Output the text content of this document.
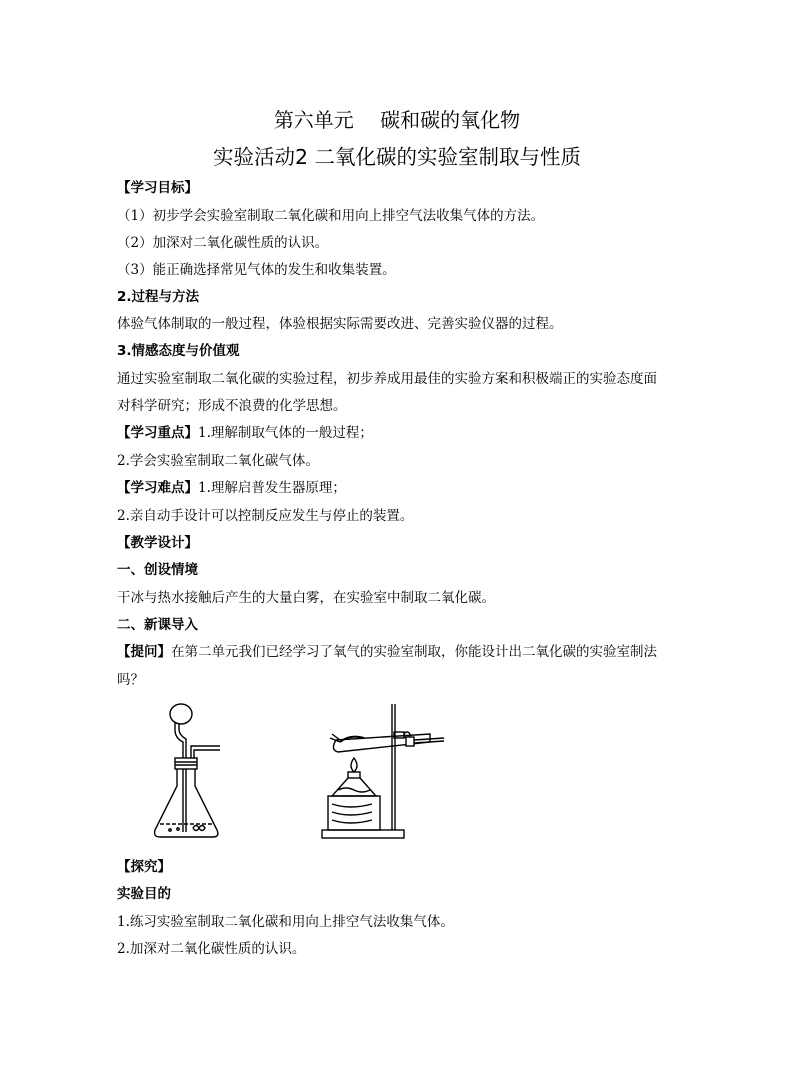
第六单元　 碳和碳的氧化物
实验活动2 二氧化碳的实验室制取与性质
【学习目标】
（1）初步学会实验室制取二氧化碳和用向上排空气法收集气体的方法。
（2）加深对二氧化碳性质的认识。
（3）能正确选择常见气体的发生和收集装置。
2.过程与方法
体验气体制取的一般过程，体验根据实际需要改进、完善实验仪器的过程。
3.情感态度与价值观
通过实验室制取二氧化碳的实验过程，初步养成用最佳的实验方案和积极端正的实验态度面
对科学研究；形成不浪费的化学思想。
【学习重点】1.理解制取气体的一般过程；
2.学会实验室制取二氧化碳气体。
【学习难点】1.理解启普发生器原理；
2.亲自动手设计可以控制反应发生与停止的装置。
【教学设计】
一、创设情境
干冰与热水接触后产生的大量白雾，在实验室中制取二氧化碳。
二、新课导入
【提问】在第二单元我们已经学习了氧气的实验室制取，你能设计出二氧化碳的实验室制法
吗？
【探究】
实验目的
1.练习实验室制取二氧化碳和用向上排空气法收集气体。
2.加深对二氧化碳性质的认识。
